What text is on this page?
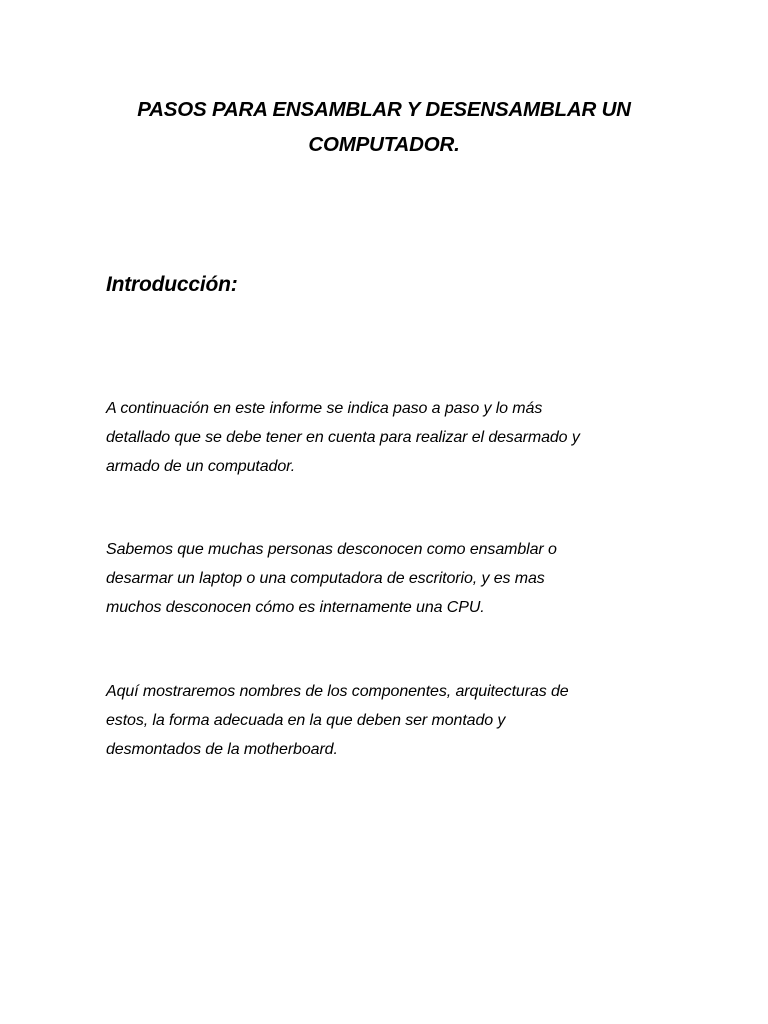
PASOS PARA ENSAMBLAR Y DESENSAMBLAR UN
COMPUTADOR.
Introducción:
A continuación en este informe se indica paso a paso y lo más
detallado que se debe tener en cuenta para realizar el desarmado y
armado de un computador.
Sabemos que muchas personas desconocen como ensamblar o
desarmar un laptop o una computadora de escritorio, y es mas
muchos desconocen cómo es internamente una CPU.
Aquí mostraremos nombres de los componentes, arquitecturas de
estos, la forma adecuada en la que deben ser montado y
desmontados de la motherboard.
